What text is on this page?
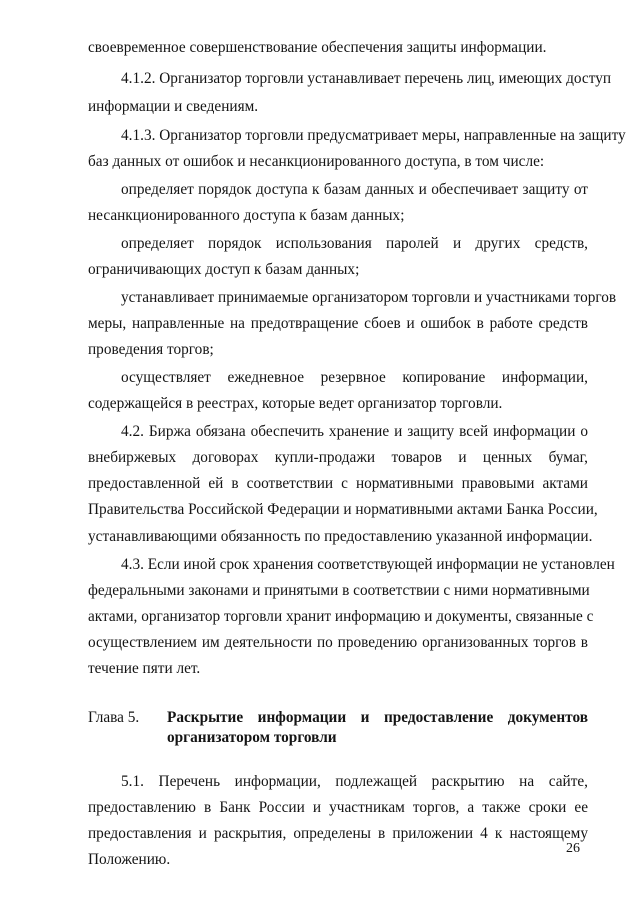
своевременное совершенствование обеспечения защиты информации.
4.1.2. Организатор торговли устанавливает перечень лиц, имеющих доступ
информации и сведениям.
4.1.3. Организатор торговли предусматривает меры, направленные на защиту
баз данных от ошибок и несанкционированного доступа, в том числе:
определяет порядок доступа к базам данных и обеспечивает защиту от
несанкционированного доступа к базам данных;
определяет порядок использования паролей и других средств,
ограничивающих доступ к базам данных;
устанавливает принимаемые организатором торговли и участниками торгов
меры, направленные на предотвращение сбоев и ошибок в работе средств
проведения торгов;
осуществляет ежедневное резервное копирование информации,
содержащейся в реестрах, которые ведет организатор торговли.
4.2. Биржа обязана обеспечить хранение и защиту всей информации о
внебиржевых договорах купли-продажи товаров и ценных бумаг,
предоставленной ей в соответствии с нормативными правовыми актами
Правительства Российской Федерации и нормативными актами Банка России,
устанавливающими обязанность по предоставлению указанной информации.
4.3. Если иной срок хранения соответствующей информации не установлен
федеральными законами и принятыми в соответствии с ними нормативными
актами, организатор торговли хранит информацию и документы, связанные с
осуществлением им деятельности по проведению организованных торгов в
течение пяти лет.
Глава 5. Раскрытие информации и предоставление документов
организатором торговли
5.1. Перечень информации, подлежащей раскрытию на сайте,
предоставлению в Банк России и участникам торгов, а также сроки ее
предоставления и раскрытия, определены в приложении 4 к настоящему
Положению.
26
